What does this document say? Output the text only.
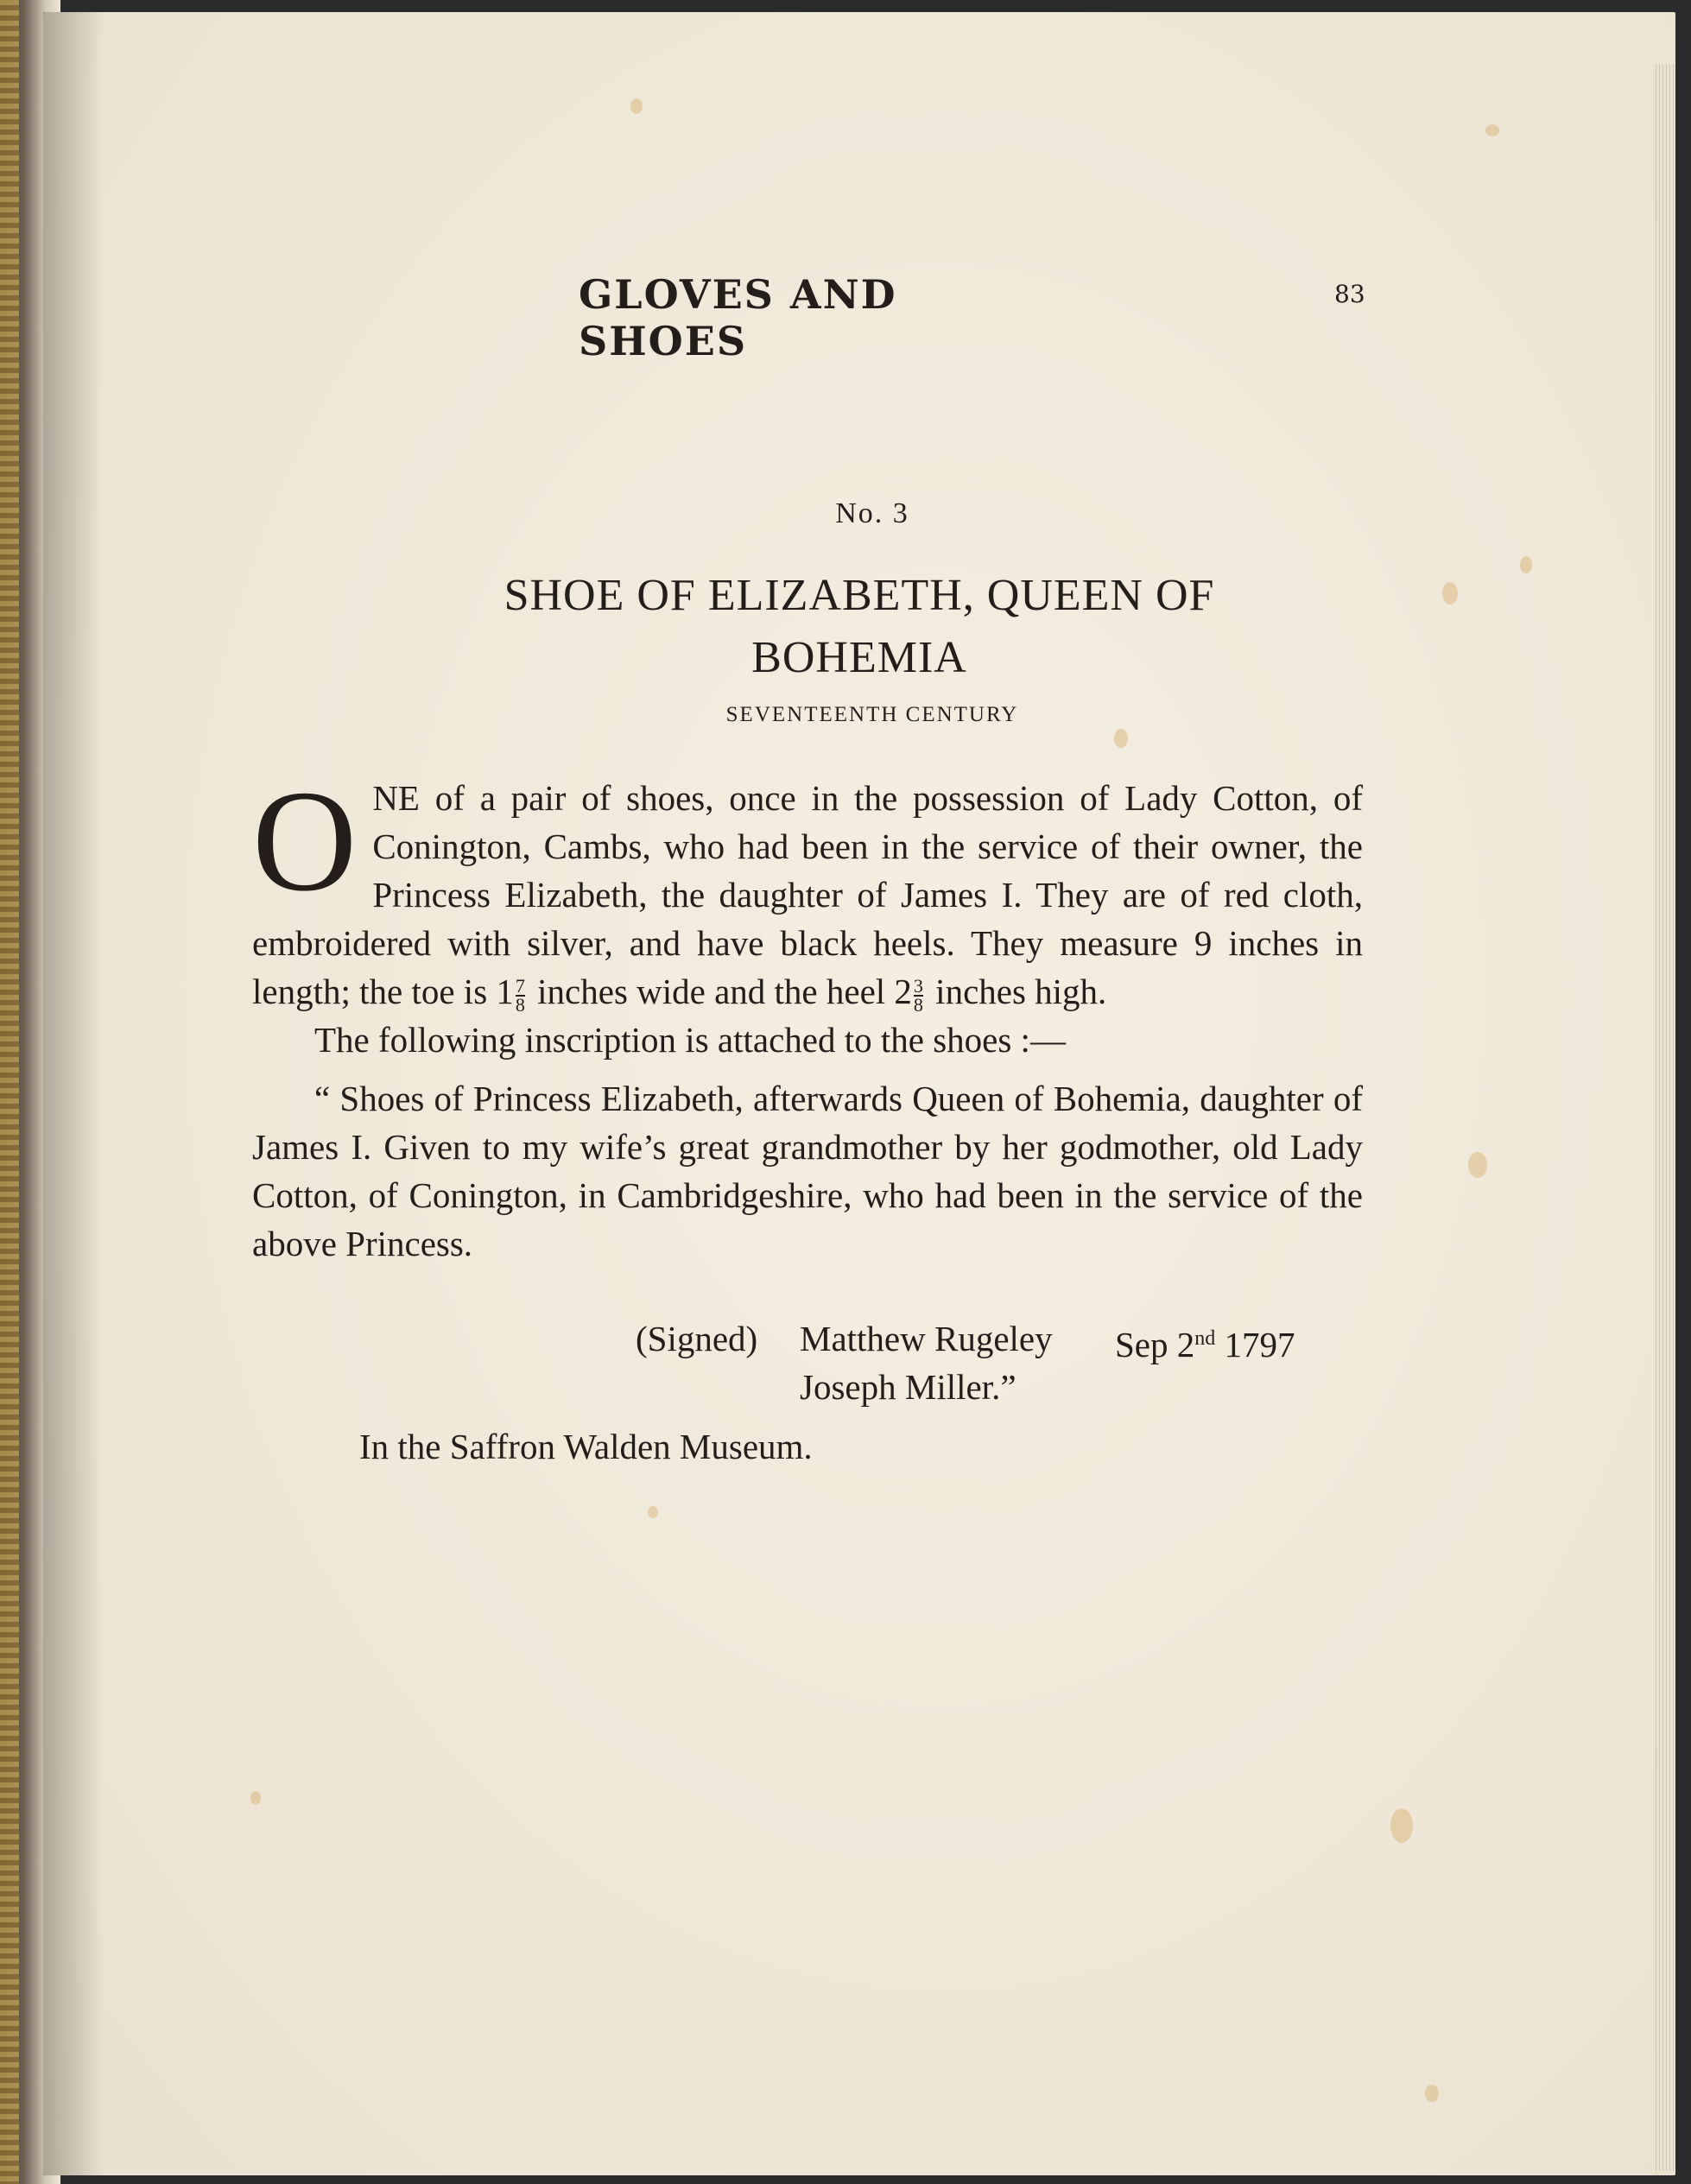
GLOVES AND SHOES
83
No. 3
SHOE OF ELIZABETH, QUEEN OF
BOHEMIA
SEVENTEENTH CENTURY

ONE of a pair of shoes, once in the possession of Lady Cotton, of Conington, Cambs, who had been in the service of their owner, the Princess Elizabeth, the daughter of James I. They are of red cloth, embroidered with silver, and have black heels. They measure 9 inches in length; the toe is $1 \frac{7}{8}$ inches wide and the heel $2 \frac{3}{8}$ inches high.

The following inscription is attached to the shoes :—

“ Shoes of Princess Elizabeth, afterwards Queen of Bohemia, daughter of James I. Given to my wife’s great grandmother by her godmother, old Lady Cotton, of Conington, in Cambridgeshire, who had been in the service of the above Princess.

(Signed) Matthew Rugeley Sep 2nd 1797
Joseph Miller.”
In the Saffron Walden Museum.
